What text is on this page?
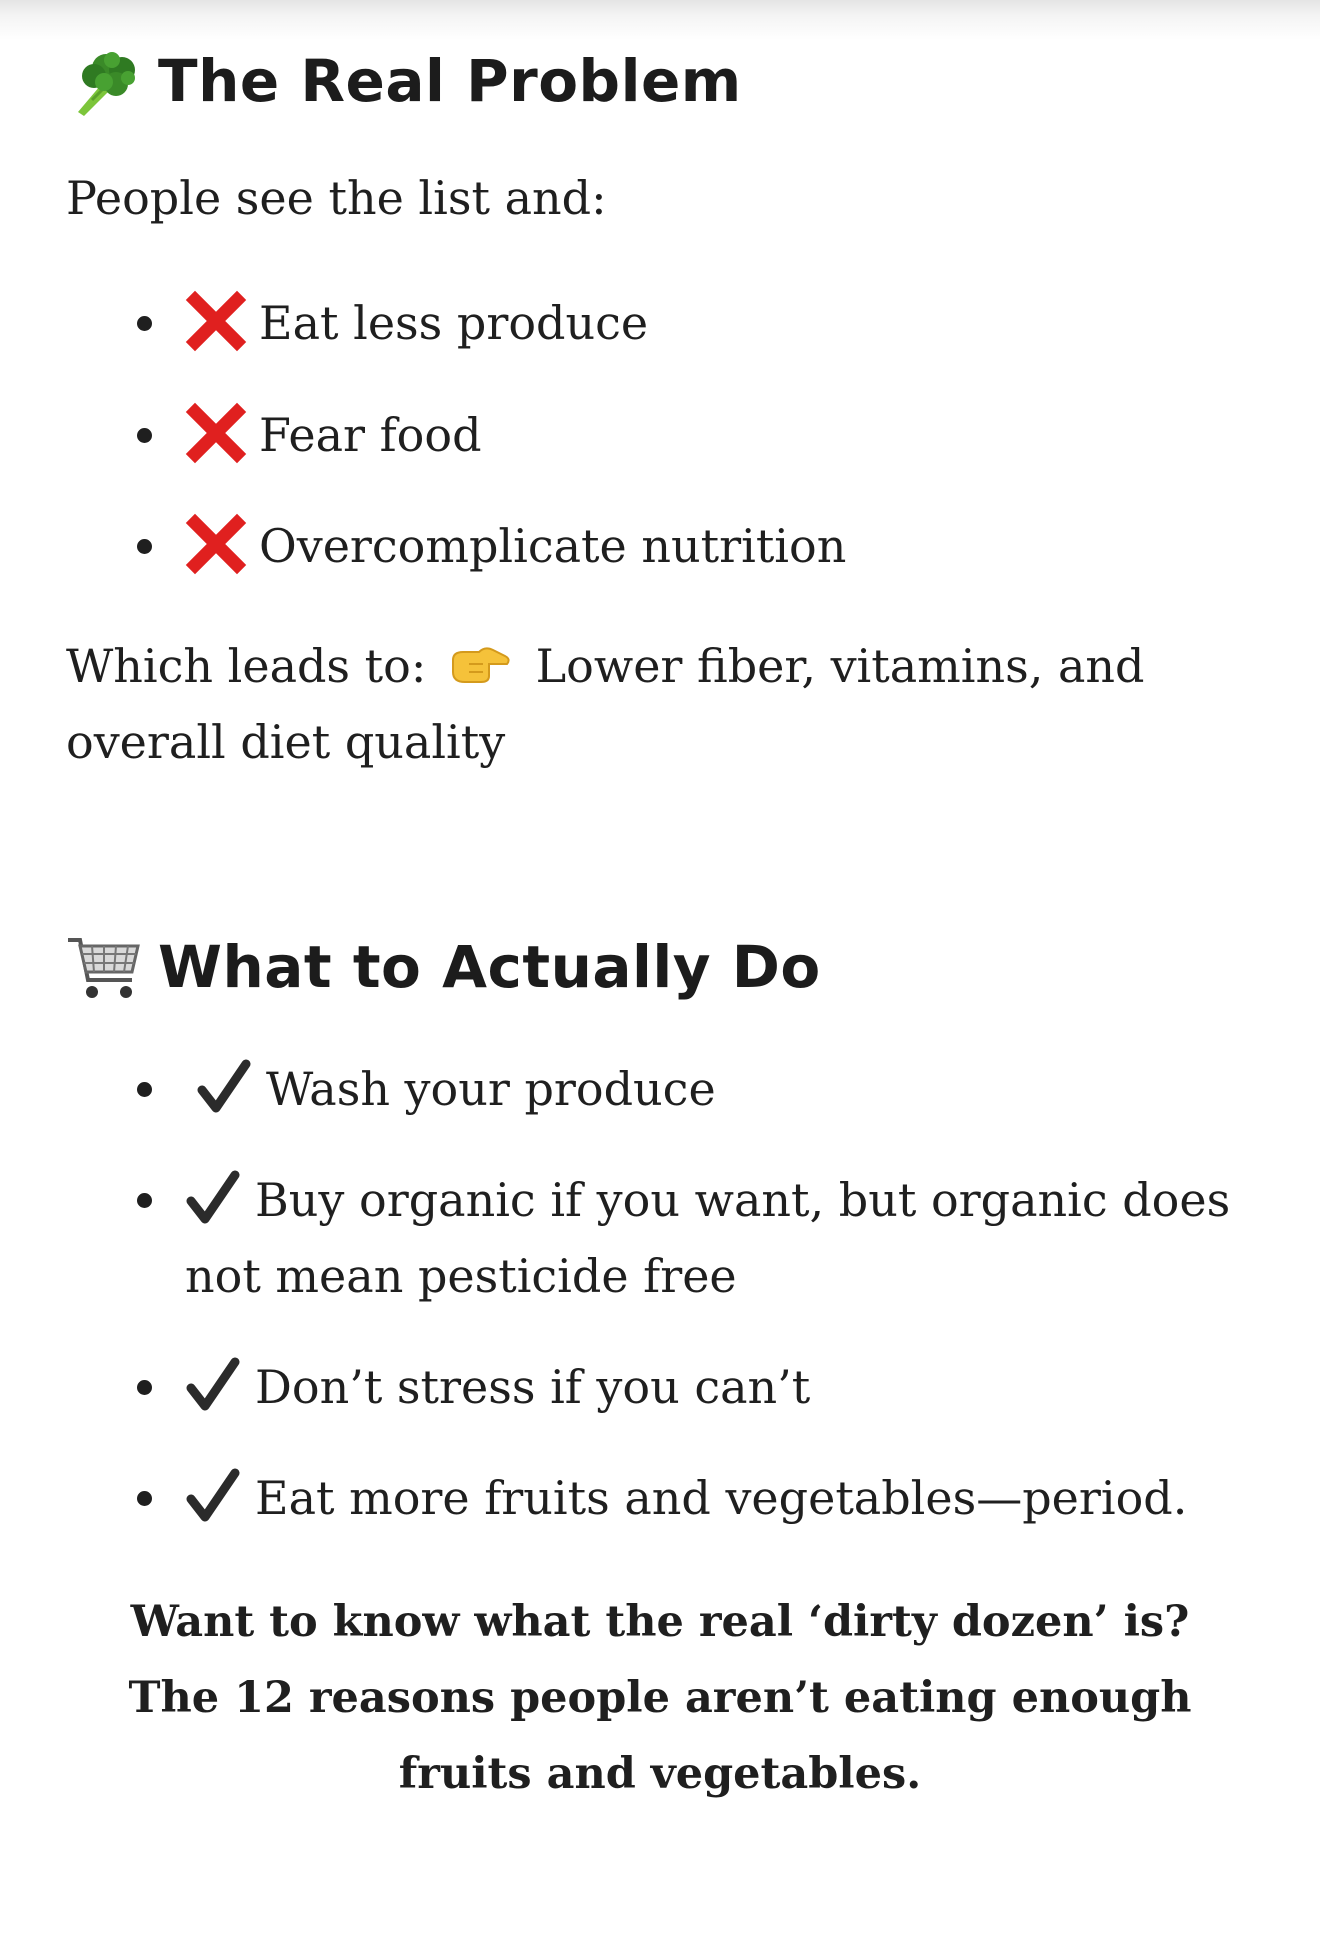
The Real Problem
People see the list and:
Eat less produce
Fear food
Overcomplicate nutrition
Which leads to: Lower fiber, vitamins, and overall diet quality
What to Actually Do
Wash your produce
Buy organic if you want, but organic does not mean pesticide free
Don’t stress if you can’t
Eat more fruits and vegetables—period.
Want to know what the real ‘dirty dozen’ is? The 12 reasons people aren’t eating enough fruits and vegetables.
